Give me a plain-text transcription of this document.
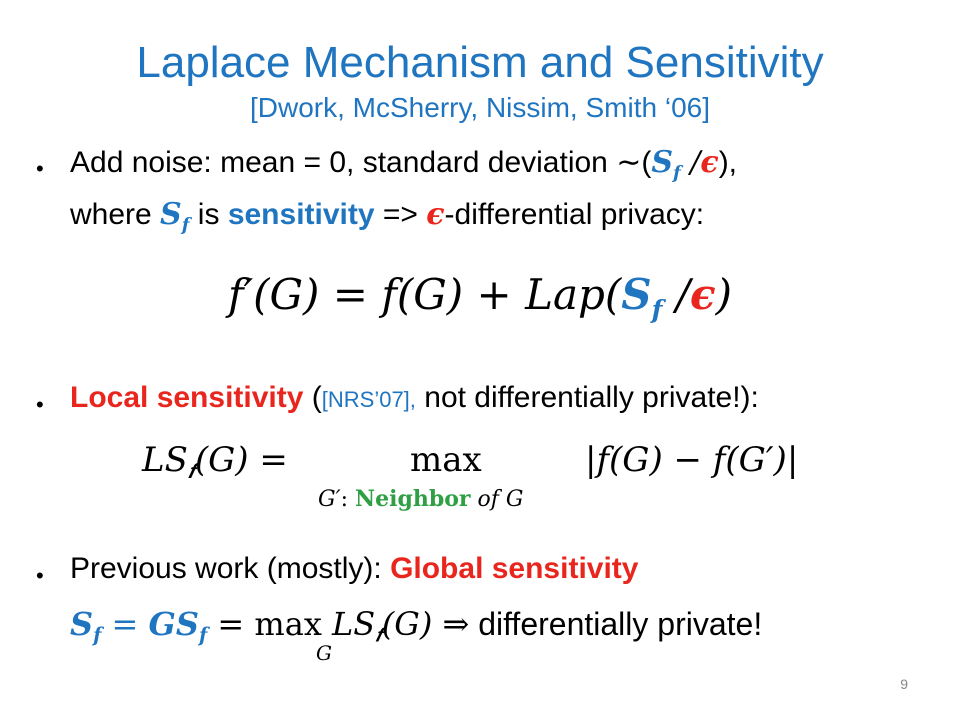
Laplace Mechanism and Sensitivity
[Dwork, McSherry, Nissim, Smith ‘06]
• Add noise: mean = 0, standard deviation ∼(𝑺$_𝒇$ /𝝐),
where 𝑺$_𝒇$ is sensitivity => 𝝐-differential privacy:
𝑓′(𝐺) = 𝑓(𝐺) + 𝐿𝑎𝑝(𝑺$_𝒇$ /𝝐)
• Local sensitivity ([NRS’07], not differentially private!):
𝐿𝑆$_𝒇$(𝐺) =	max
𝐺′: Neighbor 𝑜𝑓 𝐺
|𝑓(𝐺) − 𝑓(𝐺′)|
• Previous work (mostly): Global sensitivity
𝑺$_𝒇$ = 𝑮𝑺$_𝒇$ = max 𝐿𝑆$_𝒇$(𝐺) ⇒ differentially private!
𝐺
9
